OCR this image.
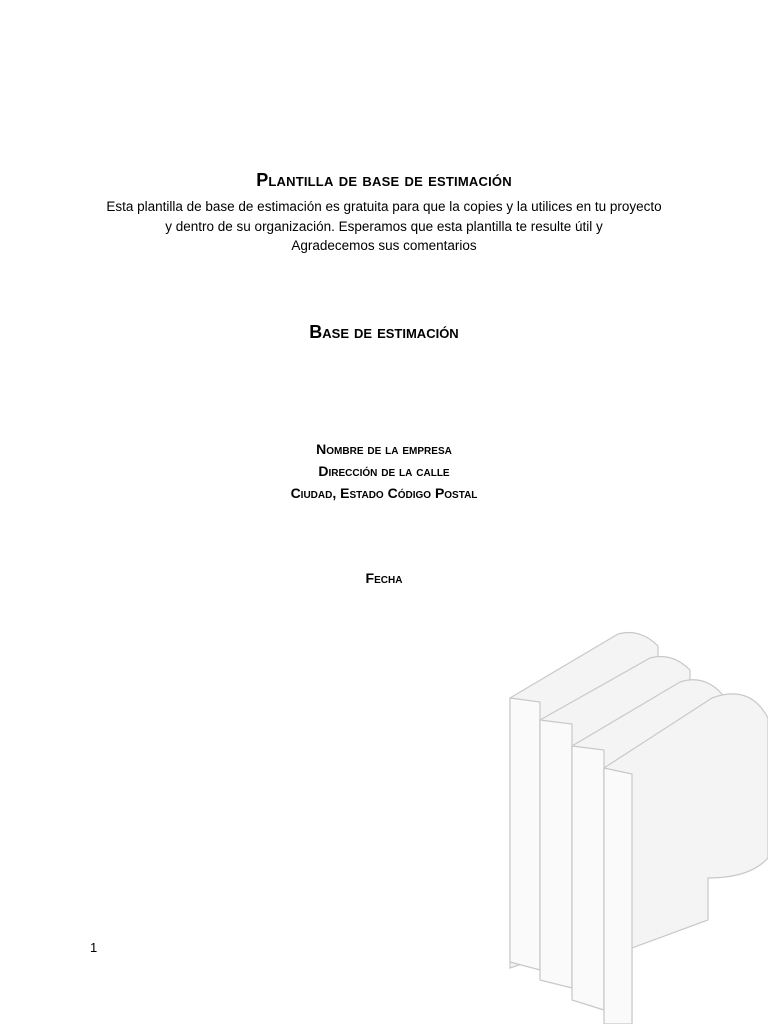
Plantilla de base de estimación

Esta plantilla de base de estimación es gratuita para que la copies y la utilices en tu proyecto

y dentro de su organización. Esperamos que esta plantilla te resulte útil y

Agradecemos sus comentarios

Base de estimación
Nombre de la empresa
Dirección de la calle
Ciudad, Estado Código Postal
Fecha
1
